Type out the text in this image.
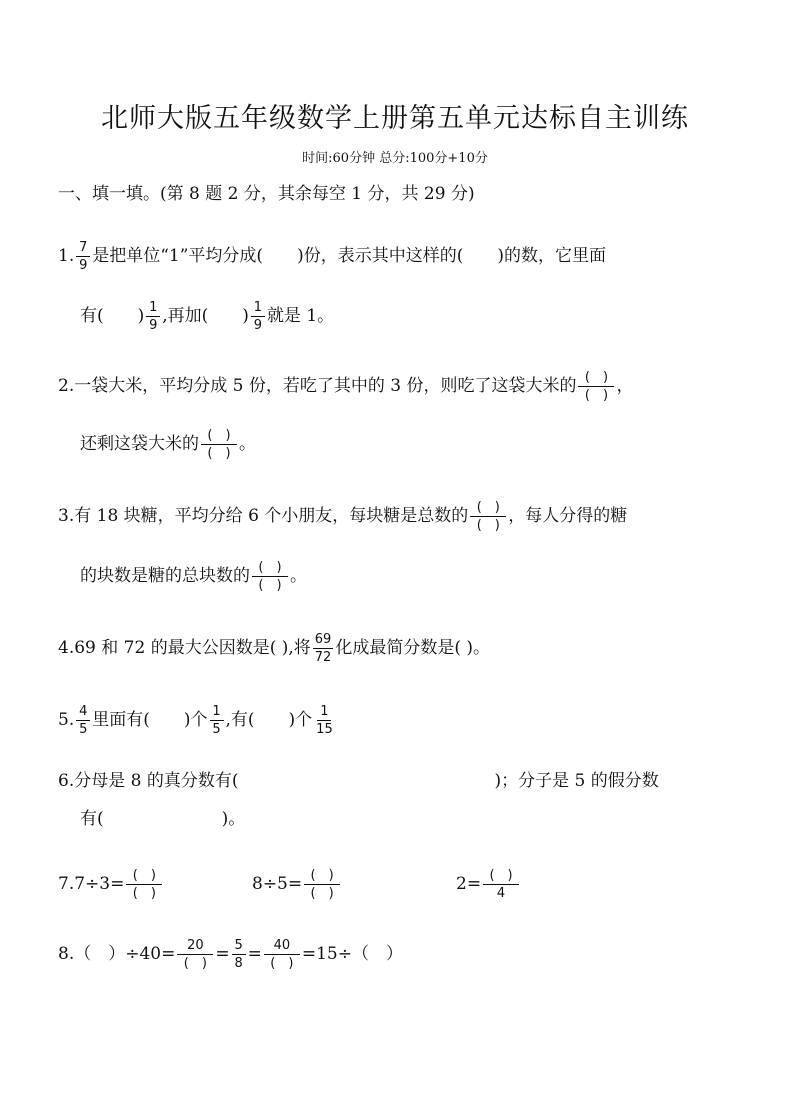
北师大版五年级数学上册第五单元达标自主训练
时间:60分钟 总分:100分+10分
一、填一填。(第 8 题 2 分，其余每空 1 分，共 29 分)
1. $\frac{7}{9}$ 是把单位“1”平均分成(　　)份，表示其中这样的(　　)的数，它里面
有(　　) $\frac{1}{9}$ ,再加(　　) $\frac{1}{9}$ 就是 1。
2.一袋大米，平均分成 5 份，若吃了其中的 3 份，则吃了这袋大米的 $\frac{( )}{( )}$ ，
还剩这袋大米的 $\frac{( )}{( )}$ 。
3.有 18 块糖，平均分给 6 个小朋友，每块糖是总数的 $\frac{( )}{( )}$ ，每人分得的糖
的块数是糖的总块数的 $\frac{( )}{( )}$ 。
4.69 和 72 的最大公因数是( ),将 $\frac{69}{72}$ 化成最简分数是( )。
5. $\frac{4}{5}$ 里面有(　　)个 $\frac{1}{5}$ ,有(　　)个 $\frac{1}{15}$
6.分母是 8 的真分数有(	)；分子是 5 的假分数
有(	)。
$7.7\div 3= \frac{( )}{( )}$	$8\div 5= \frac{( )}{( )}$	$2= \frac{( )}{4}$
8.（　）$\div 40= \frac{20}{( )} = \frac{5}{8} = \frac{40}{( )} =15\div$（　）
